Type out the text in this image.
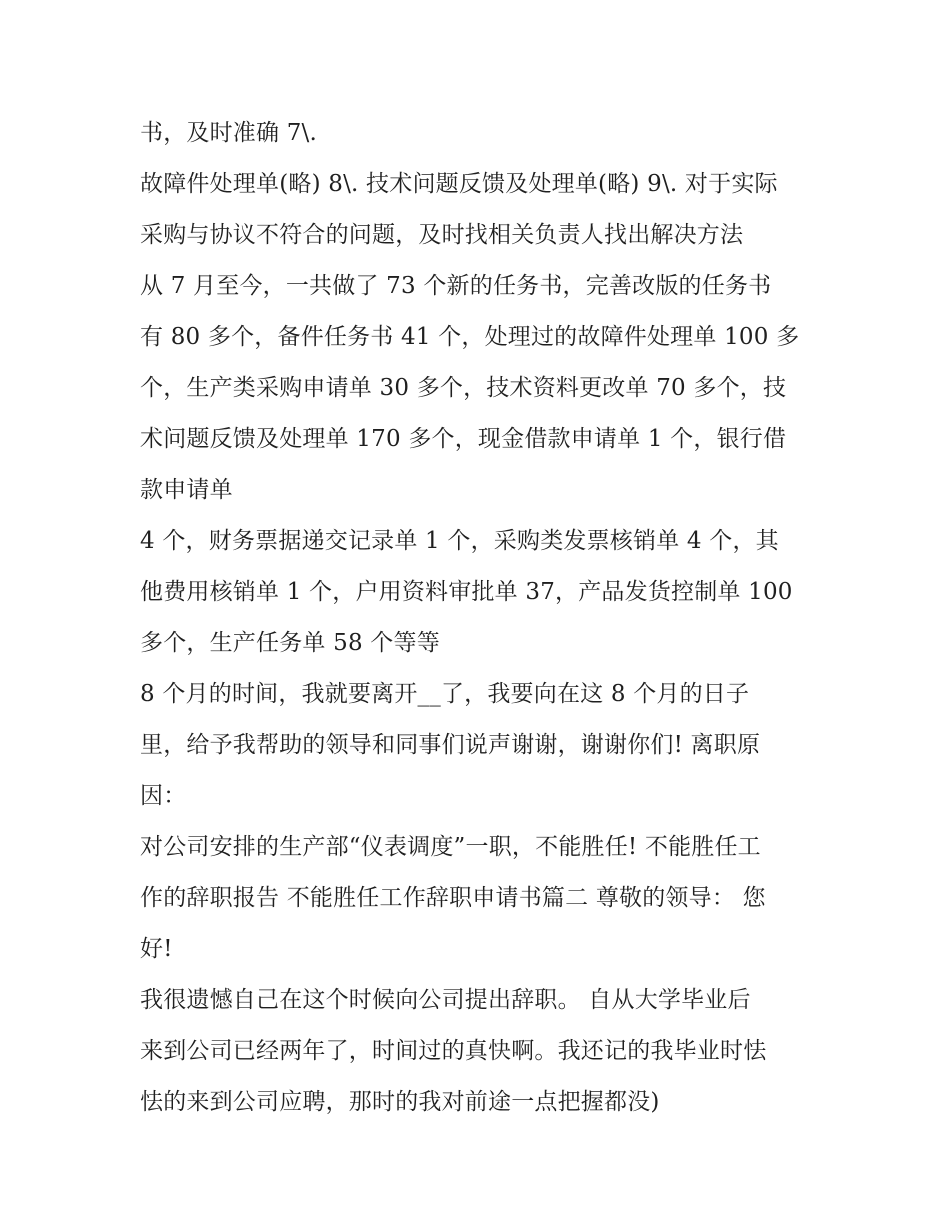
书，及时准确 7\.
故障件处理单(略) 8\. 技术问题反馈及处理单(略) 9\. 对于实际
采购与协议不符合的问题，及时找相关负责人找出解决方法
从 7 月至今，一共做了 73 个新的任务书，完善改版的任务书
有 80 多个，备件任务书 41 个，处理过的故障件处理单 100 多
个，生产类采购申请单 30 多个，技术资料更改单 70 多个，技
术问题反馈及处理单 170 多个，现金借款申请单 1 个，银行借
款申请单
4 个，财务票据递交记录单 1 个，采购类发票核销单 4 个，其
他费用核销单 1 个，户用资料审批单 37，产品发货控制单 100
多个，生产任务单 58 个等等
8 个月的时间，我就要离开__了，我要向在这 8 个月的日子
里，给予我帮助的领导和同事们说声谢谢，谢谢你们! 离职原
因：
对公司安排的生产部“仪表调度”一职，不能胜任! 不能胜任工
作的辞职报告 不能胜任工作辞职申请书篇二 尊敬的领导： 您
好!
我很遗憾自己在这个时候向公司提出辞职。 自从大学毕业后
来到公司已经两年了，时间过的真快啊。我还记的我毕业时怯
怯的来到公司应聘，那时的我对前途一点把握都没)
